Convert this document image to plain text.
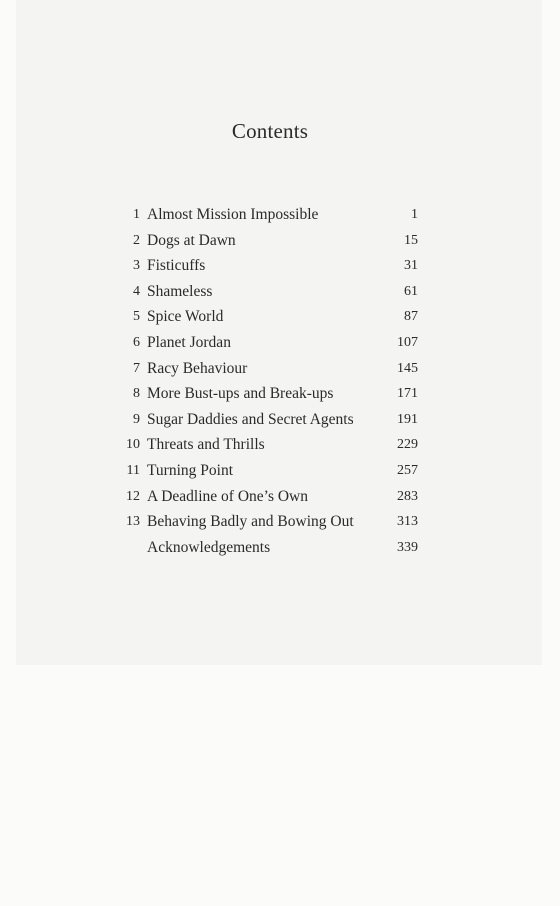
Contents
1 Almost Mission Impossible	1
2 Dogs at Dawn	15
3 Fisticuffs	31
4 Shameless	61
5 Spice World	87
6 Planet Jordan	107
7 Racy Behaviour	145
8 More Bust-ups and Break-ups	171
9 Sugar Daddies and Secret Agents	191
10 Threats and Thrills	229
11 Turning Point	257
12 A Deadline of One’s Own	283
13 Behaving Badly and Bowing Out	313
Acknowledgements	339
